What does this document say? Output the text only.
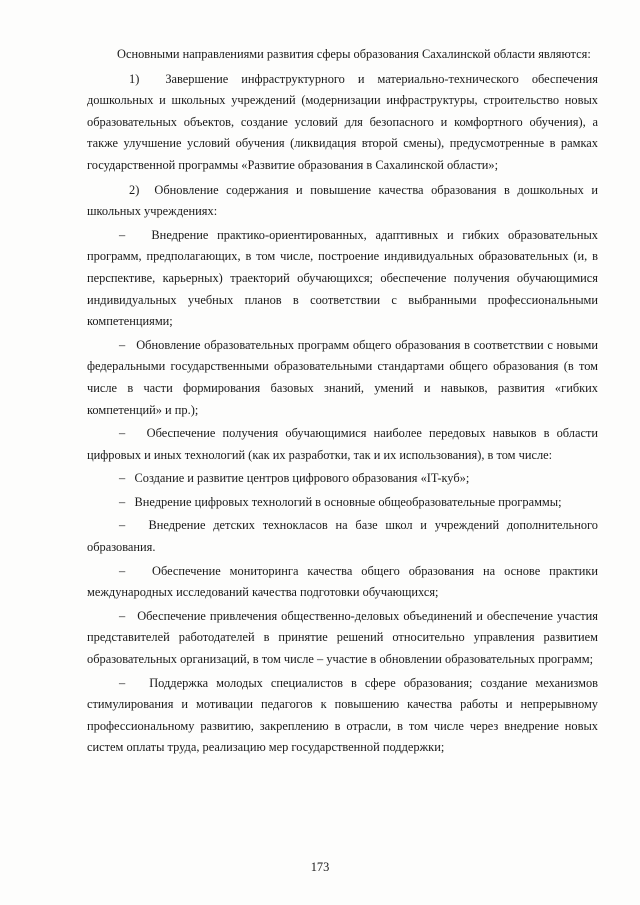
Основными направлениями развития сферы образования Сахалинской области являются:

1) Завершение инфраструктурного и материально-технического обеспечения дошкольных и школьных учреждений (модернизации инфраструктуры, строительство новых образовательных объектов, создание условий для безопасного и комфортного обучения), а также улучшение условий обучения (ликвидация второй смены), предусмотренные в рамках государственной программы «Развитие образования в Сахалинской области»;

2) Обновление содержания и повышение качества образования в дошкольных и школьных учреждениях:

– Внедрение практико-ориентированных, адаптивных и гибких образовательных программ, предполагающих, в том числе, построение индивидуальных образовательных (и, в перспективе, карьерных) траекторий обучающихся; обеспечение получения обучающимися индивидуальных учебных планов в соответствии с выбранными профессиональными компетенциями;

– Обновление образовательных программ общего образования в соответствии с новыми федеральными государственными образовательными стандартами общего образования (в том числе в части формирования базовых знаний, умений и навыков, развития «гибких компетенций» и пр.);

– Обеспечение получения обучающимися наиболее передовых навыков в области цифровых и иных технологий (как их разработки, так и их использования), в том числе:

– Создание и развитие центров цифрового образования «IT-куб»;

– Внедрение цифровых технологий в основные общеобразовательные программы;

– Внедрение детских технокласов на базе школ и учреждений дополнительного образования.

– Обеспечение мониторинга качества общего образования на основе практики международных исследований качества подготовки обучающихся;

– Обеспечение привлечения общественно-деловых объединений и обеспечение участия представителей работодателей в принятие решений относительно управления развитием образовательных организаций, в том числе – участие в обновлении образовательных программ;

– Поддержка молодых специалистов в сфере образования; создание механизмов стимулирования и мотивации педагогов к повышению качества работы и непрерывному профессиональному развитию, закреплению в отрасли, в том числе через внедрение новых систем оплаты труда, реализацию мер государственной поддержки;

173
